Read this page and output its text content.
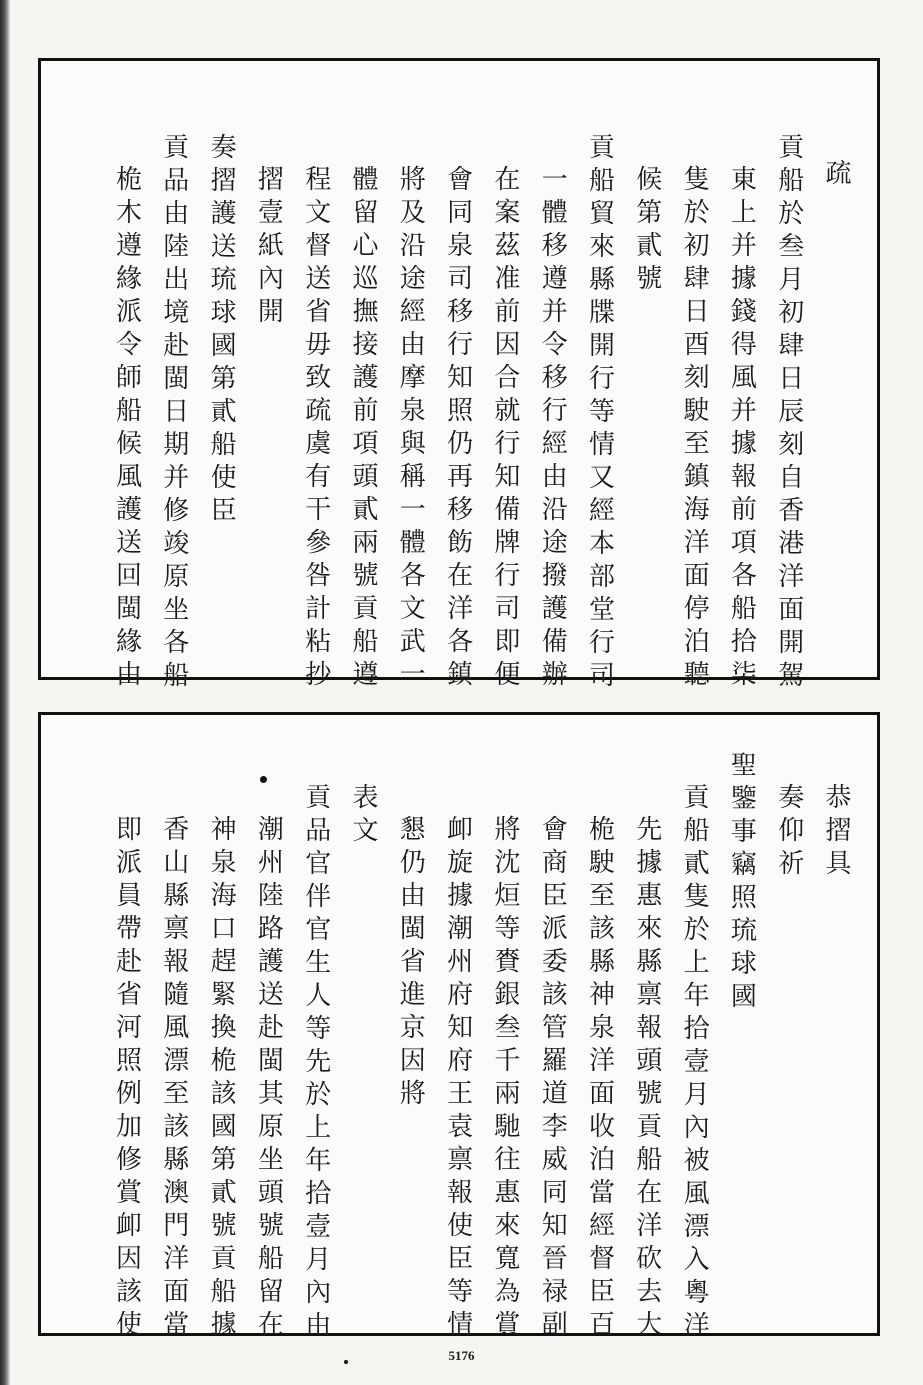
疏
貢船於叁月初肆日辰刻自香港洋面開駕
東上并據錢得風并據報前項各船拾柒
隻於初肆日酉刻駛至鎮海洋面停泊聽
候第貳號
貢船貿來縣牒開行等情又經本部堂行司
一體移遵并令移行經由沿途撥護備辦
在案茲准前因合就行知備牌行司即便
會同泉司移行知照仍再移飭在洋各鎮
將及沿途經由摩泉與稱一體各文武一
體留心巡撫接護前項頭貳兩號貢船遵
程文督送省毋致疏虞有干參咎計粘抄
摺壹紙內開
奏摺護送琉球國第貳船使臣
貢品由陸出境赴閩日期并修竣原坐各船
桅木遵緣派令師船候風護送回閩緣由
恭摺具
奏仰祈
聖鑒事竊照琉球國
貢船貳隻於上年拾壹月內被風漂入粵洋
先據惠來縣禀報頭號貢船在洋砍去大
桅駛至該縣神泉洋面收泊當經督臣百
會商臣派委該管羅道李威同知晉禄副
將沈烜等賚銀叁千兩馳往惠來寬為賞
卹旋據潮州府知府王袁禀報使臣等情
懇仍由閩省進京因將
表文
貢品官伴官生人等先於上年拾壹月內由
潮州陸路護送赴閩其原坐頭號船留在
神泉海口趕緊換桅該國第貳號貢船據
香山縣禀報隨風漂至該縣澳門洋面當
即派員帶赴省河照例加修賞卹因該使
5176
